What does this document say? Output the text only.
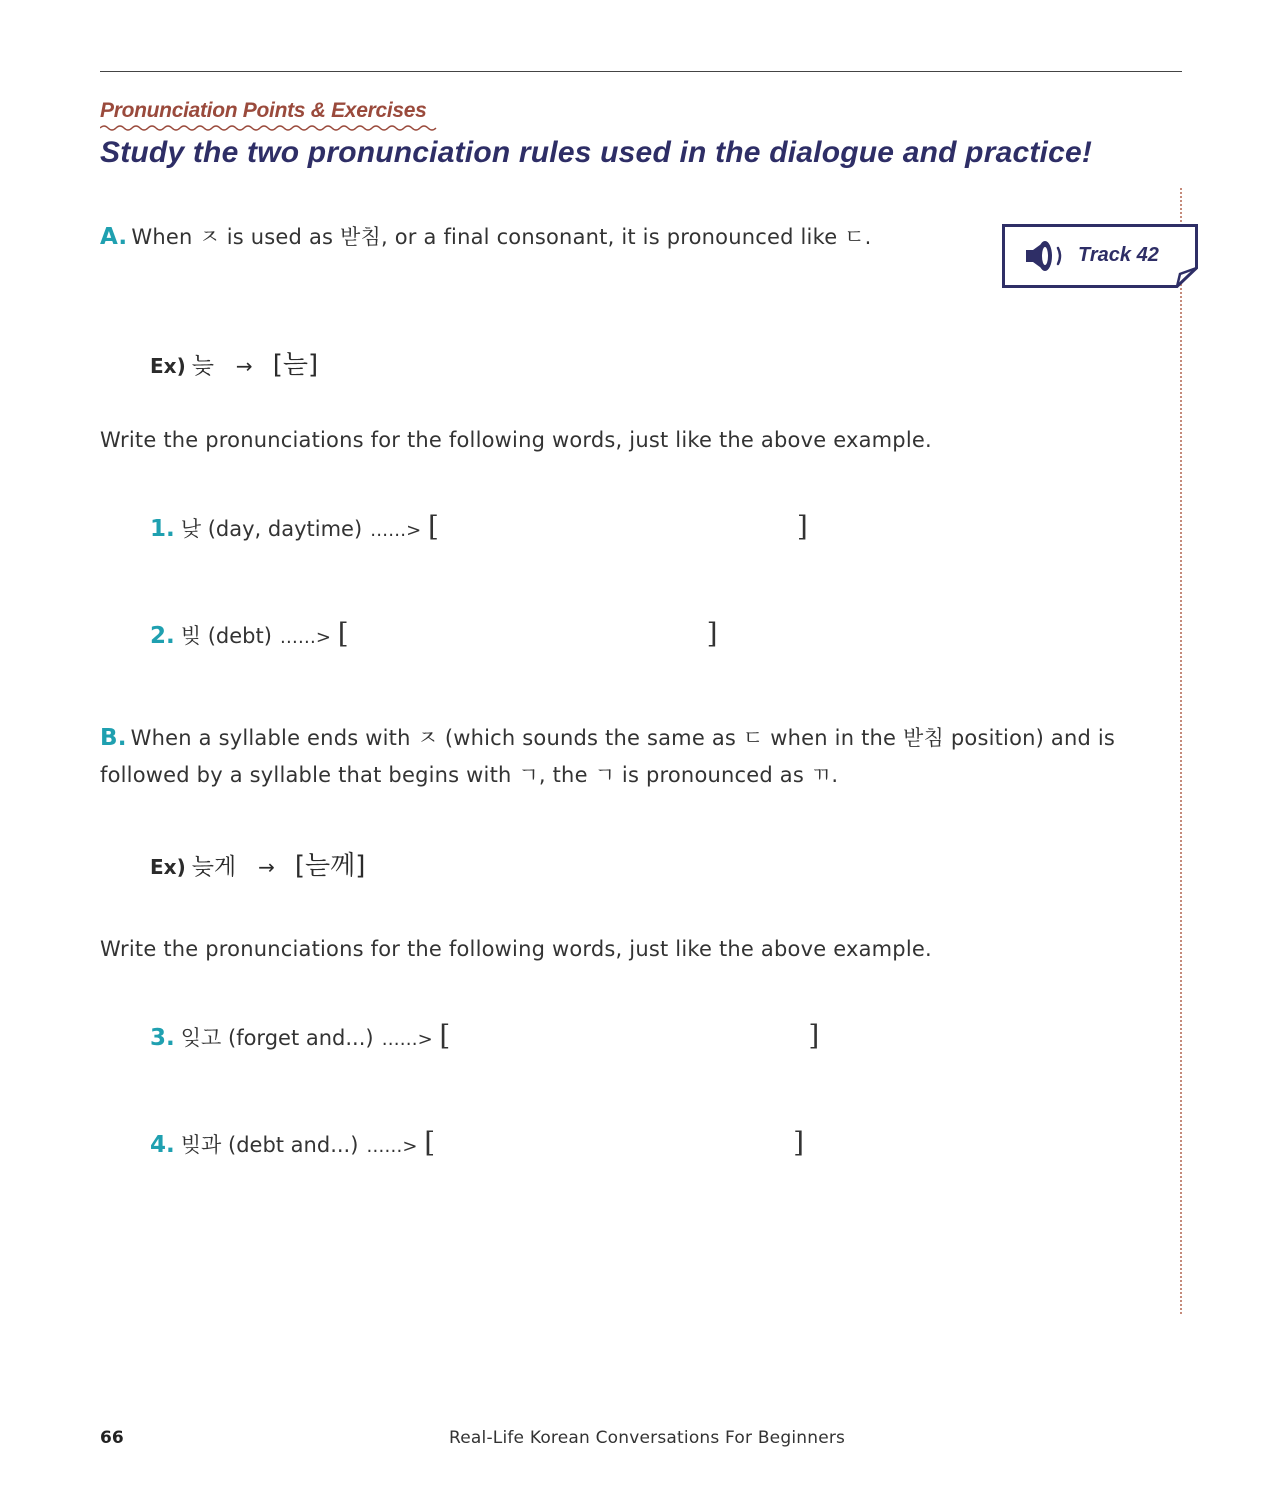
Pronunciation Points & Exercises
Study the two pronunciation rules used in the dialogue and practice!
Track 42
A. When ㅈ is used as 받침, or a final consonant, it is pronounced like ㄷ.
Ex) 늦 → [늗]
Write the pronunciations for the following words, just like the above example.
1. 낮 (day, daytime) ……> [	]
2. 빚 (debt) ……> [	]
B. When a syllable ends with ㅈ (which sounds the same as ㄷ when in the 받침 position) and is followed by a syllable that begins with ㄱ, the ㄱ is pronounced as ㄲ.
Ex) 늦게 → [늗께]
Write the pronunciations for the following words, just like the above example.
3. 잊고 (forget and...) ……> [	]
4. 빚과 (debt and...) ……> [	]
66	Real-Life Korean Conversations For Beginners
